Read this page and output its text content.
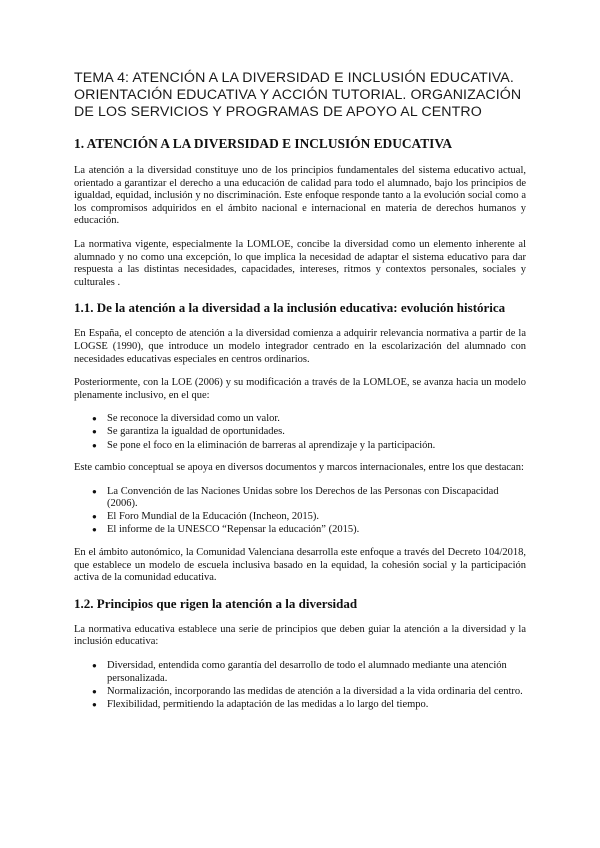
TEMA 4: ATENCIÓN A LA DIVERSIDAD E INCLUSIÓN EDUCATIVA. ORIENTACIÓN EDUCATIVA Y ACCIÓN TUTORIAL. ORGANIZACIÓN DE LOS SERVICIOS Y PROGRAMAS DE APOYO AL CENTRO
1. ATENCIÓN A LA DIVERSIDAD E INCLUSIÓN EDUCATIVA

La atención a la diversidad constituye uno de los principios fundamentales del sistema educativo actual, orientado a garantizar el derecho a una educación de calidad para todo el alumnado, bajo los principios de igualdad, equidad, inclusión y no discriminación. Este enfoque responde tanto a la evolución social como a los compromisos adquiridos en el ámbito nacional e internacional en materia de derechos humanos y educación.

La normativa vigente, especialmente la LOMLOE, concibe la diversidad como un elemento inherente al alumnado y no como una excepción, lo que implica la necesidad de adaptar el sistema educativo para dar respuesta a las distintas necesidades, capacidades, intereses, ritmos y contextos personales, sociales y culturales .

1.1. De la atención a la diversidad a la inclusión educativa: evolución histórica

En España, el concepto de atención a la diversidad comienza a adquirir relevancia normativa a partir de la LOGSE (1990), que introduce un modelo integrador centrado en la escolarización del alumnado con necesidades educativas especiales en centros ordinarios.

Posteriormente, con la LOE (2006) y su modificación a través de la LOMLOE, se avanza hacia un modelo plenamente inclusivo, en el que:

● Se reconoce la diversidad como un valor.
● Se garantiza la igualdad de oportunidades.
● Se pone el foco en la eliminación de barreras al aprendizaje y la participación.

Este cambio conceptual se apoya en diversos documentos y marcos internacionales, entre los que destacan:

● La Convención de las Naciones Unidas sobre los Derechos de las Personas con Discapacidad (2006).
● El Foro Mundial de la Educación (Incheon, 2015).
● El informe de la UNESCO “Repensar la educación” (2015).

En el ámbito autonómico, la Comunidad Valenciana desarrolla este enfoque a través del Decreto 104/2018, que establece un modelo de escuela inclusiva basado en la equidad, la cohesión social y la participación activa de la comunidad educativa.

1.2. Principios que rigen la atención a la diversidad

La normativa educativa establece una serie de principios que deben guiar la atención a la diversidad y la inclusión educativa:

● Diversidad, entendida como garantía del desarrollo de todo el alumnado mediante una atención personalizada.
● Normalización, incorporando las medidas de atención a la diversidad a la vida ordinaria del centro.
● Flexibilidad, permitiendo la adaptación de las medidas a lo largo del tiempo.
